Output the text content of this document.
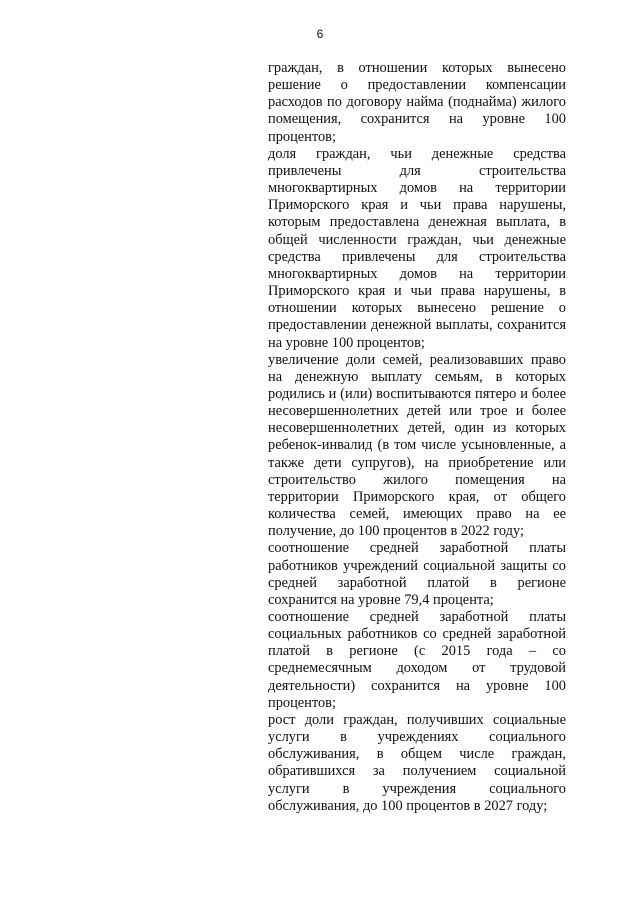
6

граждан, в отношении которых вынесено решение о предоставлении компенсации расходов по договору найма (поднайма) жилого помещения, сохранится на уровне 100 процентов;

доля граждан, чьи денежные средства привлечены для строительства многоквартирных домов на территории Приморского края и чьи права нарушены, которым предоставлена денежная выплата, в общей численности граждан, чьи денежные средства привлечены для строительства многоквартирных домов на территории Приморского края и чьи права нарушены, в отношении которых вынесено решение о предоставлении денежной выплаты, сохранится на уровне 100 процентов;

увеличение доли семей, реализовавших право на денежную выплату семьям, в которых родились и (или) воспитываются пятеро и более несовершеннолетних детей или трое и более несовершеннолетних детей, один из которых ребенок-инвалид (в том числе усыновленные, а также дети супругов), на приобретение или строительство жилого помещения на территории Приморского края, от общего количества семей, имеющих право на ее получение, до 100 процентов в 2022 году;

соотношение средней заработной платы работников учреждений социальной защиты со средней заработной платой в регионе сохранится на уровне 79,4 процента;

соотношение средней заработной платы социальных работников со средней заработной платой в регионе (с 2015 года – со среднемесячным доходом от трудовой деятельности) сохранится на уровне 100 процентов;

рост доли граждан, получивших социальные услуги в учреждениях социального обслуживания, в общем числе граждан, обратившихся за получением социальной услуги в учреждения социального обслуживания, до 100 процентов в 2027 году;
